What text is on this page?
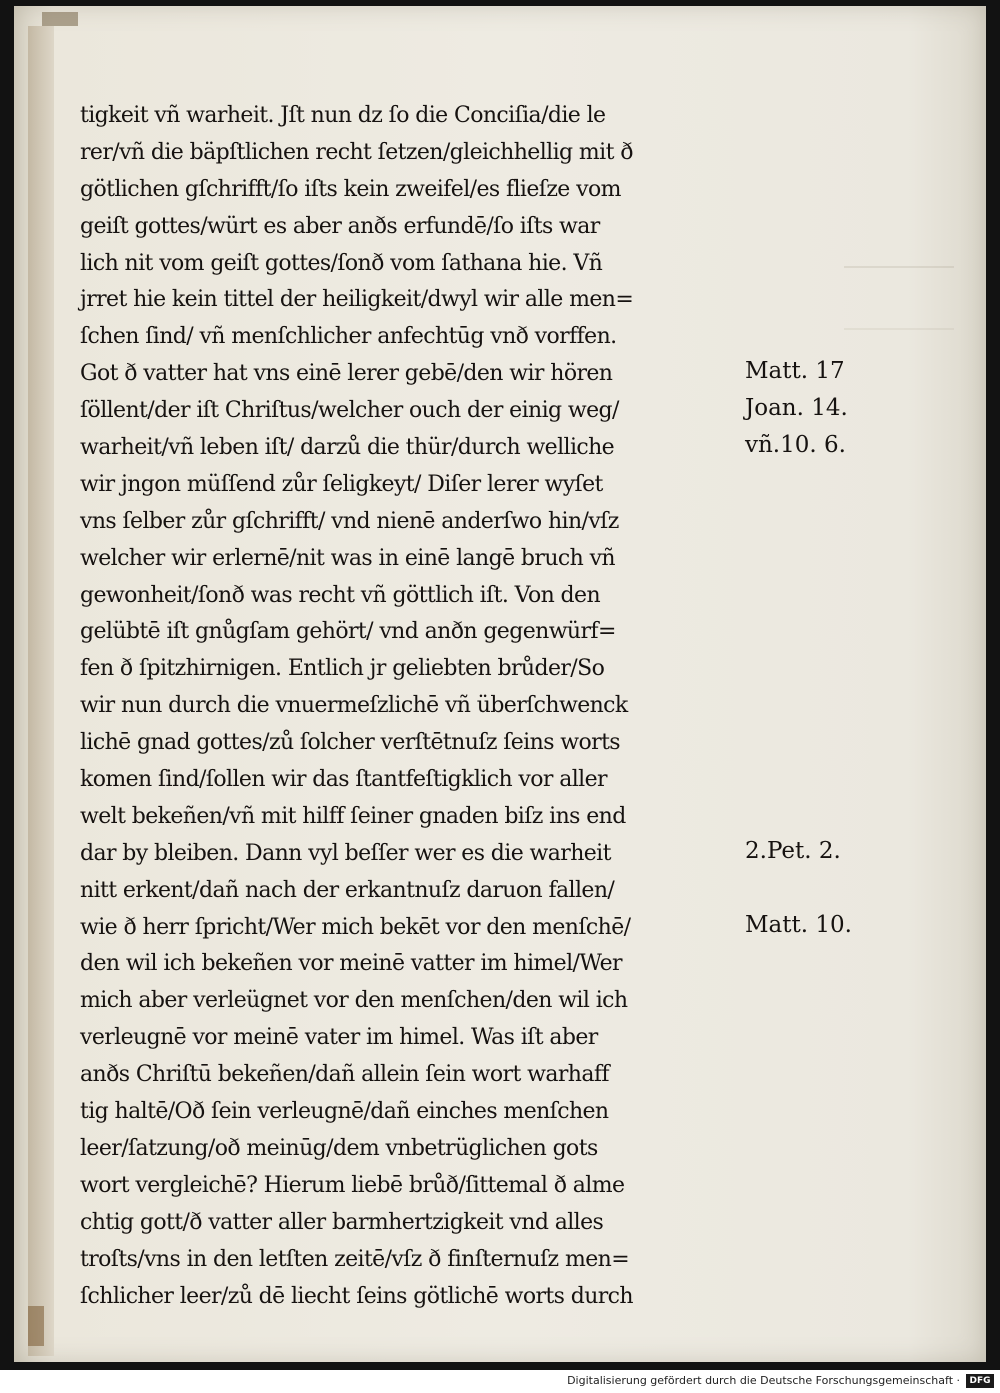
tigkeit vñ warheit. Jſt nun dz ſo die Conciſia/die le
rer/vñ die bäpſtlichen recht ſetzen/gleichhellig mit ð
götlichen gſchrifft/ſo iſts kein zweifel/es flieſze vom
geiſt gottes/würt es aber anðs erfundē/ſo iſts war
lich nit vom geiſt gottes/ſonð vom ſathana hie. Vñ
jrret hie kein tittel der heiligkeit/dwyl wir alle men=
ſchen ſind/ vñ menſchlicher anfechtūg vnð vorffen.
Got ð vatter hat vns einē lerer gebē/den wir hören
ſöllent/der iſt Chriſtus/welcher ouch der einig weg/
warheit/vñ leben iſt/ darzů die thür/durch welliche
wir jngon müſſend zůr ſeligkeyt/ Diſer lerer wyſet
vns ſelber zůr gſchrifft/ vnd nienē anderſwo hin/vſz
welcher wir erlernē/nit was in einē langē bruch vñ
gewonheit/ſonð was recht vñ göttlich iſt. Von den
gelübtē iſt gnůgſam gehört/ vnd anðn gegenwürf=
fen ð ſpitzhirnigen. Entlich jr geliebten brůder/So
wir nun durch die vnuermeſzlichē vñ überſchwenck
lichē gnad gottes/zů ſolcher verſtētnuſz ſeins worts
komen ſind/ſollen wir das ſtantfeſtigklich vor aller
welt bekeñen/vñ mit hilff ſeiner gnaden biſz ins end
dar by bleiben. Dann vyl beſſer wer es die warheit
nitt erkent/dañ nach der erkantnuſz daruon fallen/
wie ð herr ſpricht/Wer mich bekēt vor den menſchē/
den wil ich bekeñen vor meinē vatter im himel/Wer
mich aber verleügnet vor den menſchen/den wil ich
verleugnē vor meinē vater im himel. Was iſt aber
anðs Chriſtū bekeñen/dañ allein ſein wort warhaff
tig haltē/Oð ſein verleugnē/dañ einches menſchen
leer/ſatzung/oð meinūg/dem vnbetrüglichen gots
wort vergleichē? Hierum liebē brůð/ſittemal ð alme
chtig gott/ð vatter aller barmhertzigkeit vnd alles
troſts/vns in den letſten zeitē/vſz ð finſternuſz men=
ſchlicher leer/zů dē liecht ſeins götlichē worts durch
Matt. 17
Joan. 14.
vñ.10. 6.
2.Pet. 2.
Matt. 10.
Digitalisierung gefördert durch die Deutsche Forschungsgemeinschaft ·	DFG
